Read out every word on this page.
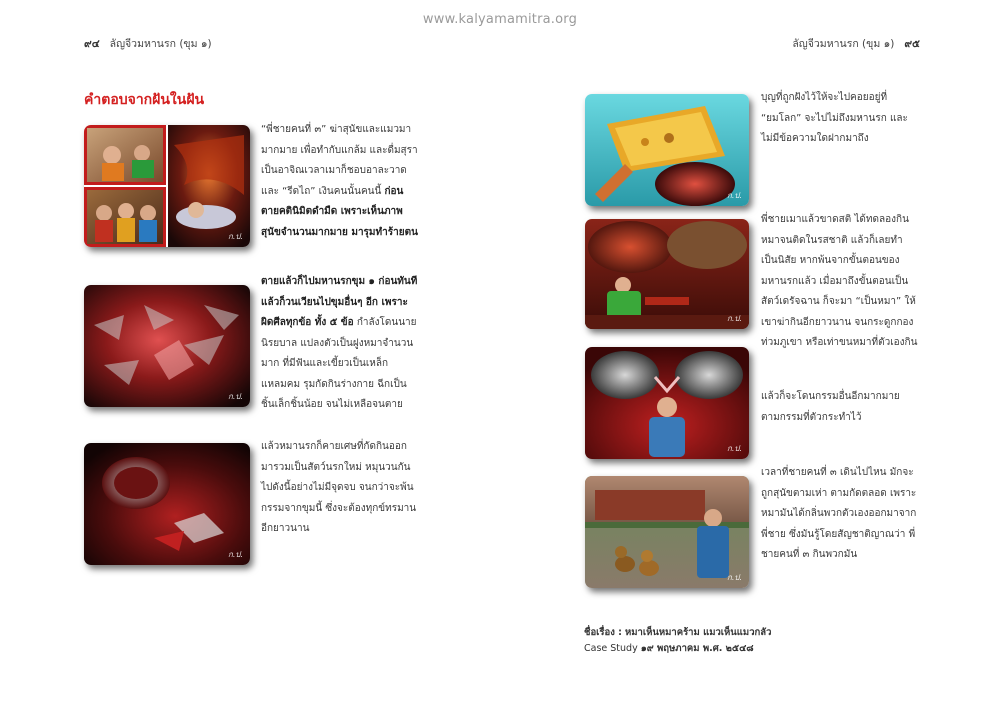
www.kalyamamitra.org
๙๔ ลัญจีวมหานรก (ขุม ๑)	ลัญจีวมหานรก (ขุม ๑) ๙๕
คำตอบจากฝันในฝัน
ก.ป.
ก.ป.
ก.ป.
“พี่ชายคนที่ ๓” ฆ่าสุนัขและแมวมามากมาย เพื่อทำกับแกล้ม และดื่มสุราเป็นอาจิณเวลาเมาก็ชอบอาละวาดและ “รีดไถ” เงินคนนั้นคนนี้ ก่อนตายคตินิมิตดำมืด เพราะเห็นภาพสุนัขจำนวนมากมาย มารุมทำร้ายตน
ตายแล้วก็ไปมหานรกขุม ๑ ก่อนทันทีแล้วก็วนเวียนไปขุมอื่นๆ อีก เพราะผิดศีลทุกข้อ ทั้ง ๕ ข้อ กำลังโดนนายนิรยบาล แปลงตัวเป็นฝูงหมาจำนวนมาก ที่มีฟันและเขี้ยวเป็นเหล็กแหลมคม รุมกัดกินร่างกาย ฉีกเป็นชิ้นเล็กชิ้นน้อย จนไม่เหลือจนตาย
แล้วหมานรกก็คายเศษที่กัดกินออกมารวมเป็นสัตว์นรกใหม่ หมุนวนกันไปดังนี้อย่างไม่มีจุดจบ จนกว่าจะพ้นกรรมจากขุมนี้ ซึ่งจะต้องทุกข์ทรมานอีกยาวนาน
ก.ป.
ก.ป.
ก.ป.
ก.ป.
บุญที่ถูกฝังไว้ให้จะไปคอยอยู่ที่ “ยมโลก” จะไปไม่ถึงมหานรก และไม่มีข้อความใดฝากมาถึง
พี่ชายเมาแล้วขาดสติ ได้ทดลองกินหมาจนติดในรสชาติ แล้วก็เลยทำเป็นนิสัย หากพ้นจากขั้นตอนของมหานรกแล้ว เมื่อมาถึงขั้นตอนเป็นสัตว์เดรัจฉาน ก็จะมา “เป็นหมา” ให้เขาฆ่ากินอีกยาวนาน จนกระดูกกองท่วมภูเขา หรือเท่าขนหมาที่ตัวเองกิน
แล้วก็จะโดนกรรมอื่นอีกมากมาย ตามกรรมที่ตัวกระทำไว้
เวลาที่ชายคนที่ ๓ เดินไปไหน มักจะถูกสุนัขตามเห่า ตามกัดตลอด เพราะหมามันได้กลิ่นพวกตัวเองออกมาจากพี่ชาย ซึ่งมันรู้โดยสัญชาติญาณว่า พี่ชายคนที่ ๓ กินพวกมัน
ชื่อเรื่อง : หมาเห็นหมาคร้าม แมวเห็นแมวกลัว
Case Study ๑๙ พฤษภาคม พ.ศ. ๒๕๔๘
